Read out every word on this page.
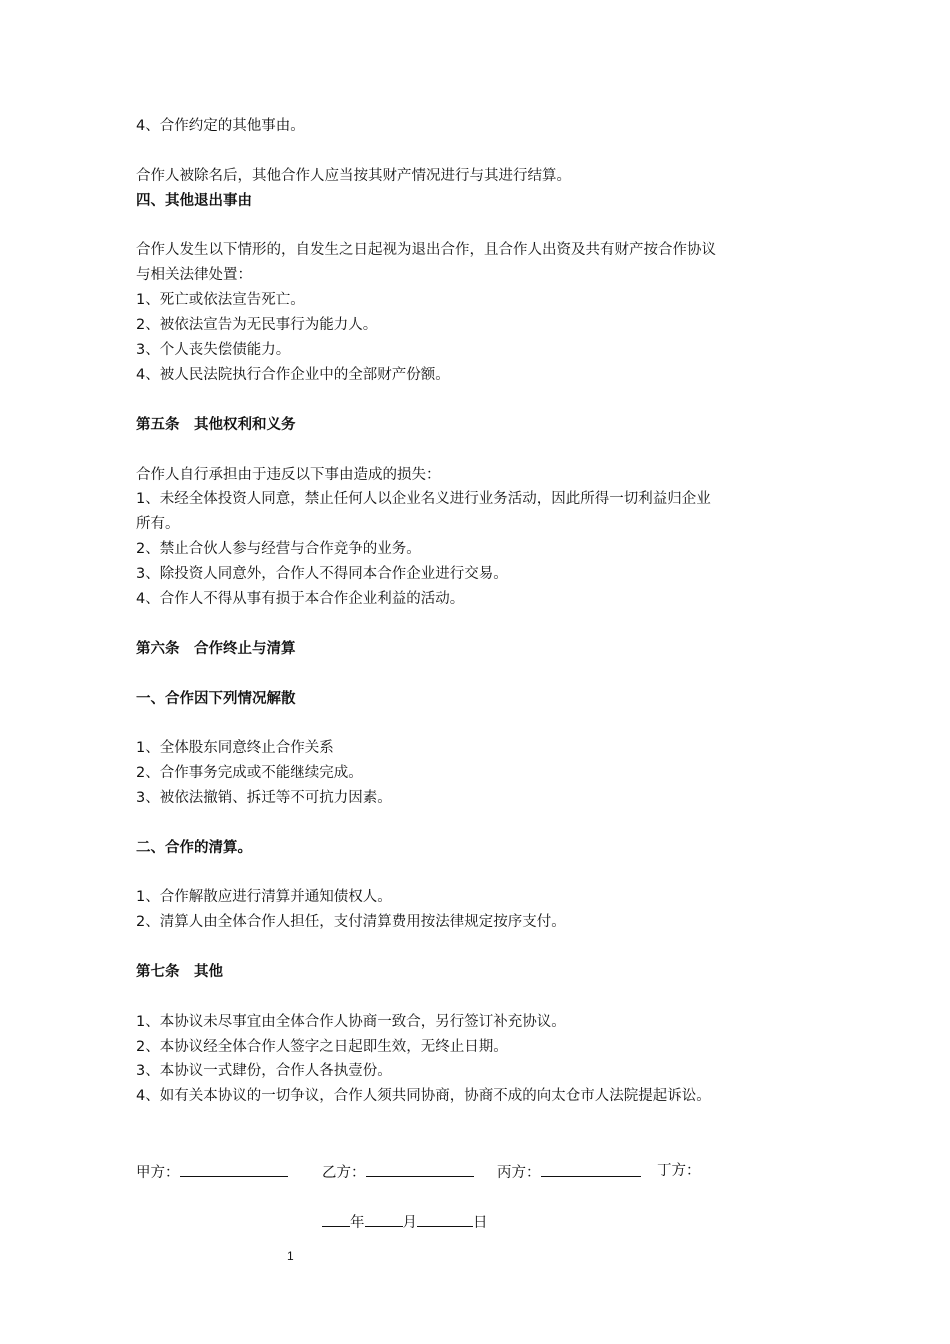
4、合作约定的其他事由。
合作人被除名后，其他合作人应当按其财产情况进行与其进行结算。
四、其他退出事由
合作人发生以下情形的，自发生之日起视为退出合作，且合作人出资及共有财产按合作协议
与相关法律处置：
1、死亡或依法宣告死亡。
2、被依法宣告为无民事行为能力人。
3、个人丧失偿债能力。
4、被人民法院执行合作企业中的全部财产份额。
第五条　其他权利和义务
合作人自行承担由于违反以下事由造成的损失：
1、未经全体投资人同意，禁止任何人以企业名义进行业务活动，因此所得一切利益归企业
所有。
2、禁止合伙人参与经营与合作竞争的业务。
3、除投资人同意外，合作人不得同本合作企业进行交易。
4、合作人不得从事有损于本合作企业利益的活动。
第六条　合作终止与清算
一、合作因下列情况解散
1、全体股东同意终止合作关系
2、合作事务完成或不能继续完成。
3、被依法撤销、拆迁等不可抗力因素。
二、合作的清算。
1、合作解散应进行清算并通知债权人。
2、清算人由全体合作人担任，支付清算费用按法律规定按序支付。
第七条　其他
1、本协议未尽事宜由全体合作人协商一致合，另行签订补充协议。
2、本协议经全体合作人签字之日起即生效，无终止日期。
3、本协议一式肆份，合作人各执壹份。
4、如有关本协议的一切争议，合作人须共同协商，协商不成的向太仓市人法院提起诉讼。
甲方：	乙方：	丙方：	丁方：
年	月	日
1
